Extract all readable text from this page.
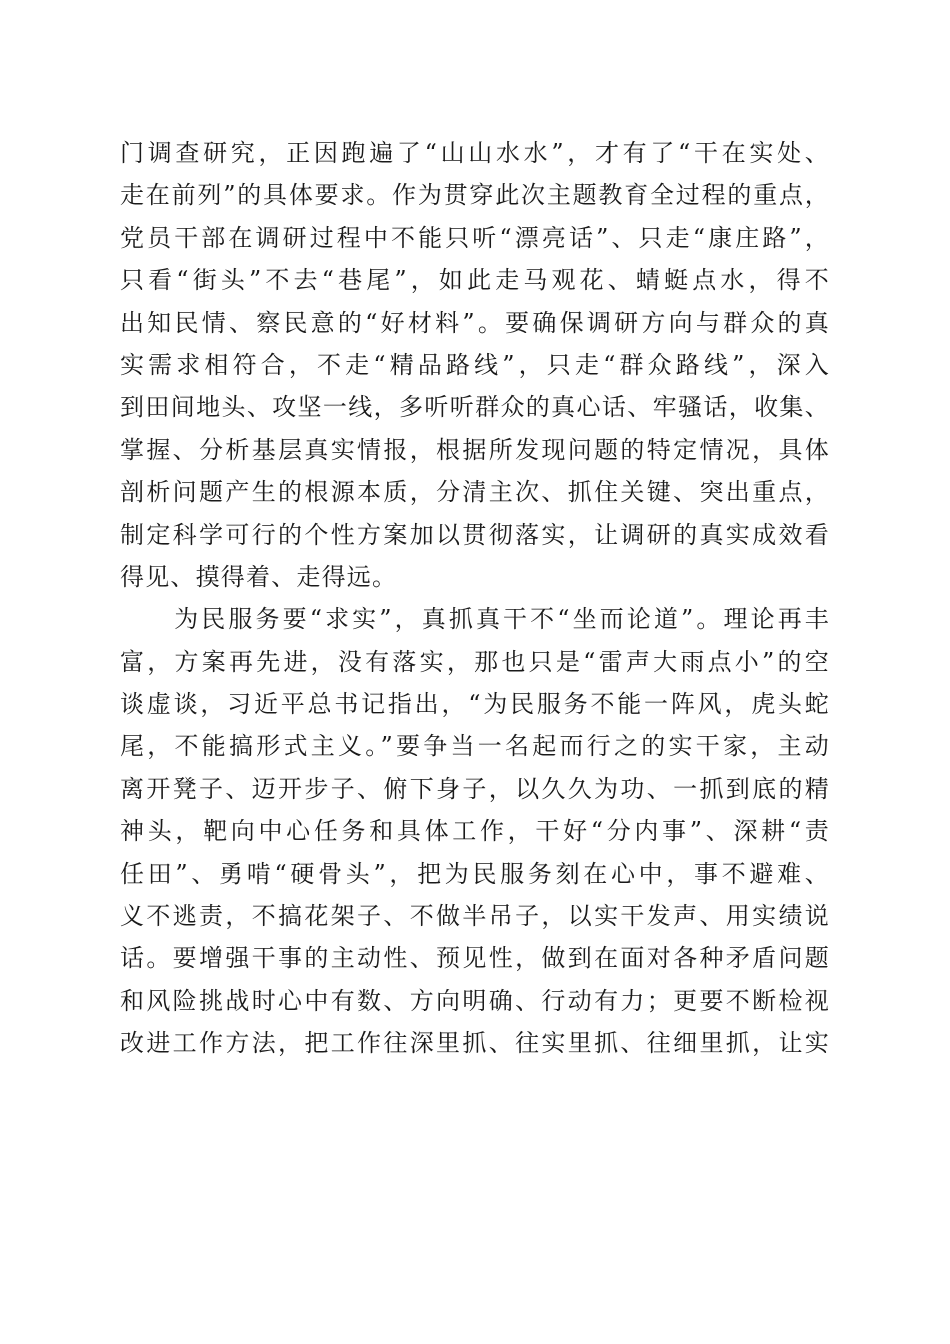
门调查研究，正因跑遍了“山山水水”，才有了“干在实处、
走在前列”的具体要求。作为贯穿此次主题教育全过程的重点，
党员干部在调研过程中不能只听“漂亮话”、只走“康庄路”，
只看“街头”不去“巷尾”，如此走马观花、蜻蜓点水，得不
出知民情、察民意的“好材料”。要确保调研方向与群众的真
实需求相符合，不走“精品路线”，只走“群众路线”，深入
到田间地头、攻坚一线，多听听群众的真心话、牢骚话，收集、
掌握、分析基层真实情报，根据所发现问题的特定情况，具体
剖析问题产生的根源本质，分清主次、抓住关键、突出重点，
制定科学可行的个性方案加以贯彻落实，让调研的真实成效看
得见、摸得着、走得远。
　　为民服务要“求实”，真抓真干不“坐而论道”。理论再丰
富，方案再先进，没有落实，那也只是“雷声大雨点小”的空
谈虚谈，习近平总书记指出，“为民服务不能一阵风，虎头蛇
尾，不能搞形式主义。”要争当一名起而行之的实干家，主动
离开凳子、迈开步子、俯下身子，以久久为功、一抓到底的精
神头，靶向中心任务和具体工作，干好“分内事”、深耕“责
任田”、勇啃“硬骨头”，把为民服务刻在心中，事不避难、
义不逃责，不搞花架子、不做半吊子，以实干发声、用实绩说
话。要增强干事的主动性、预见性，做到在面对各种矛盾问题
和风险挑战时心中有数、方向明确、行动有力；更要不断检视
改进工作方法，把工作往深里抓、往实里抓、往细里抓，让实
